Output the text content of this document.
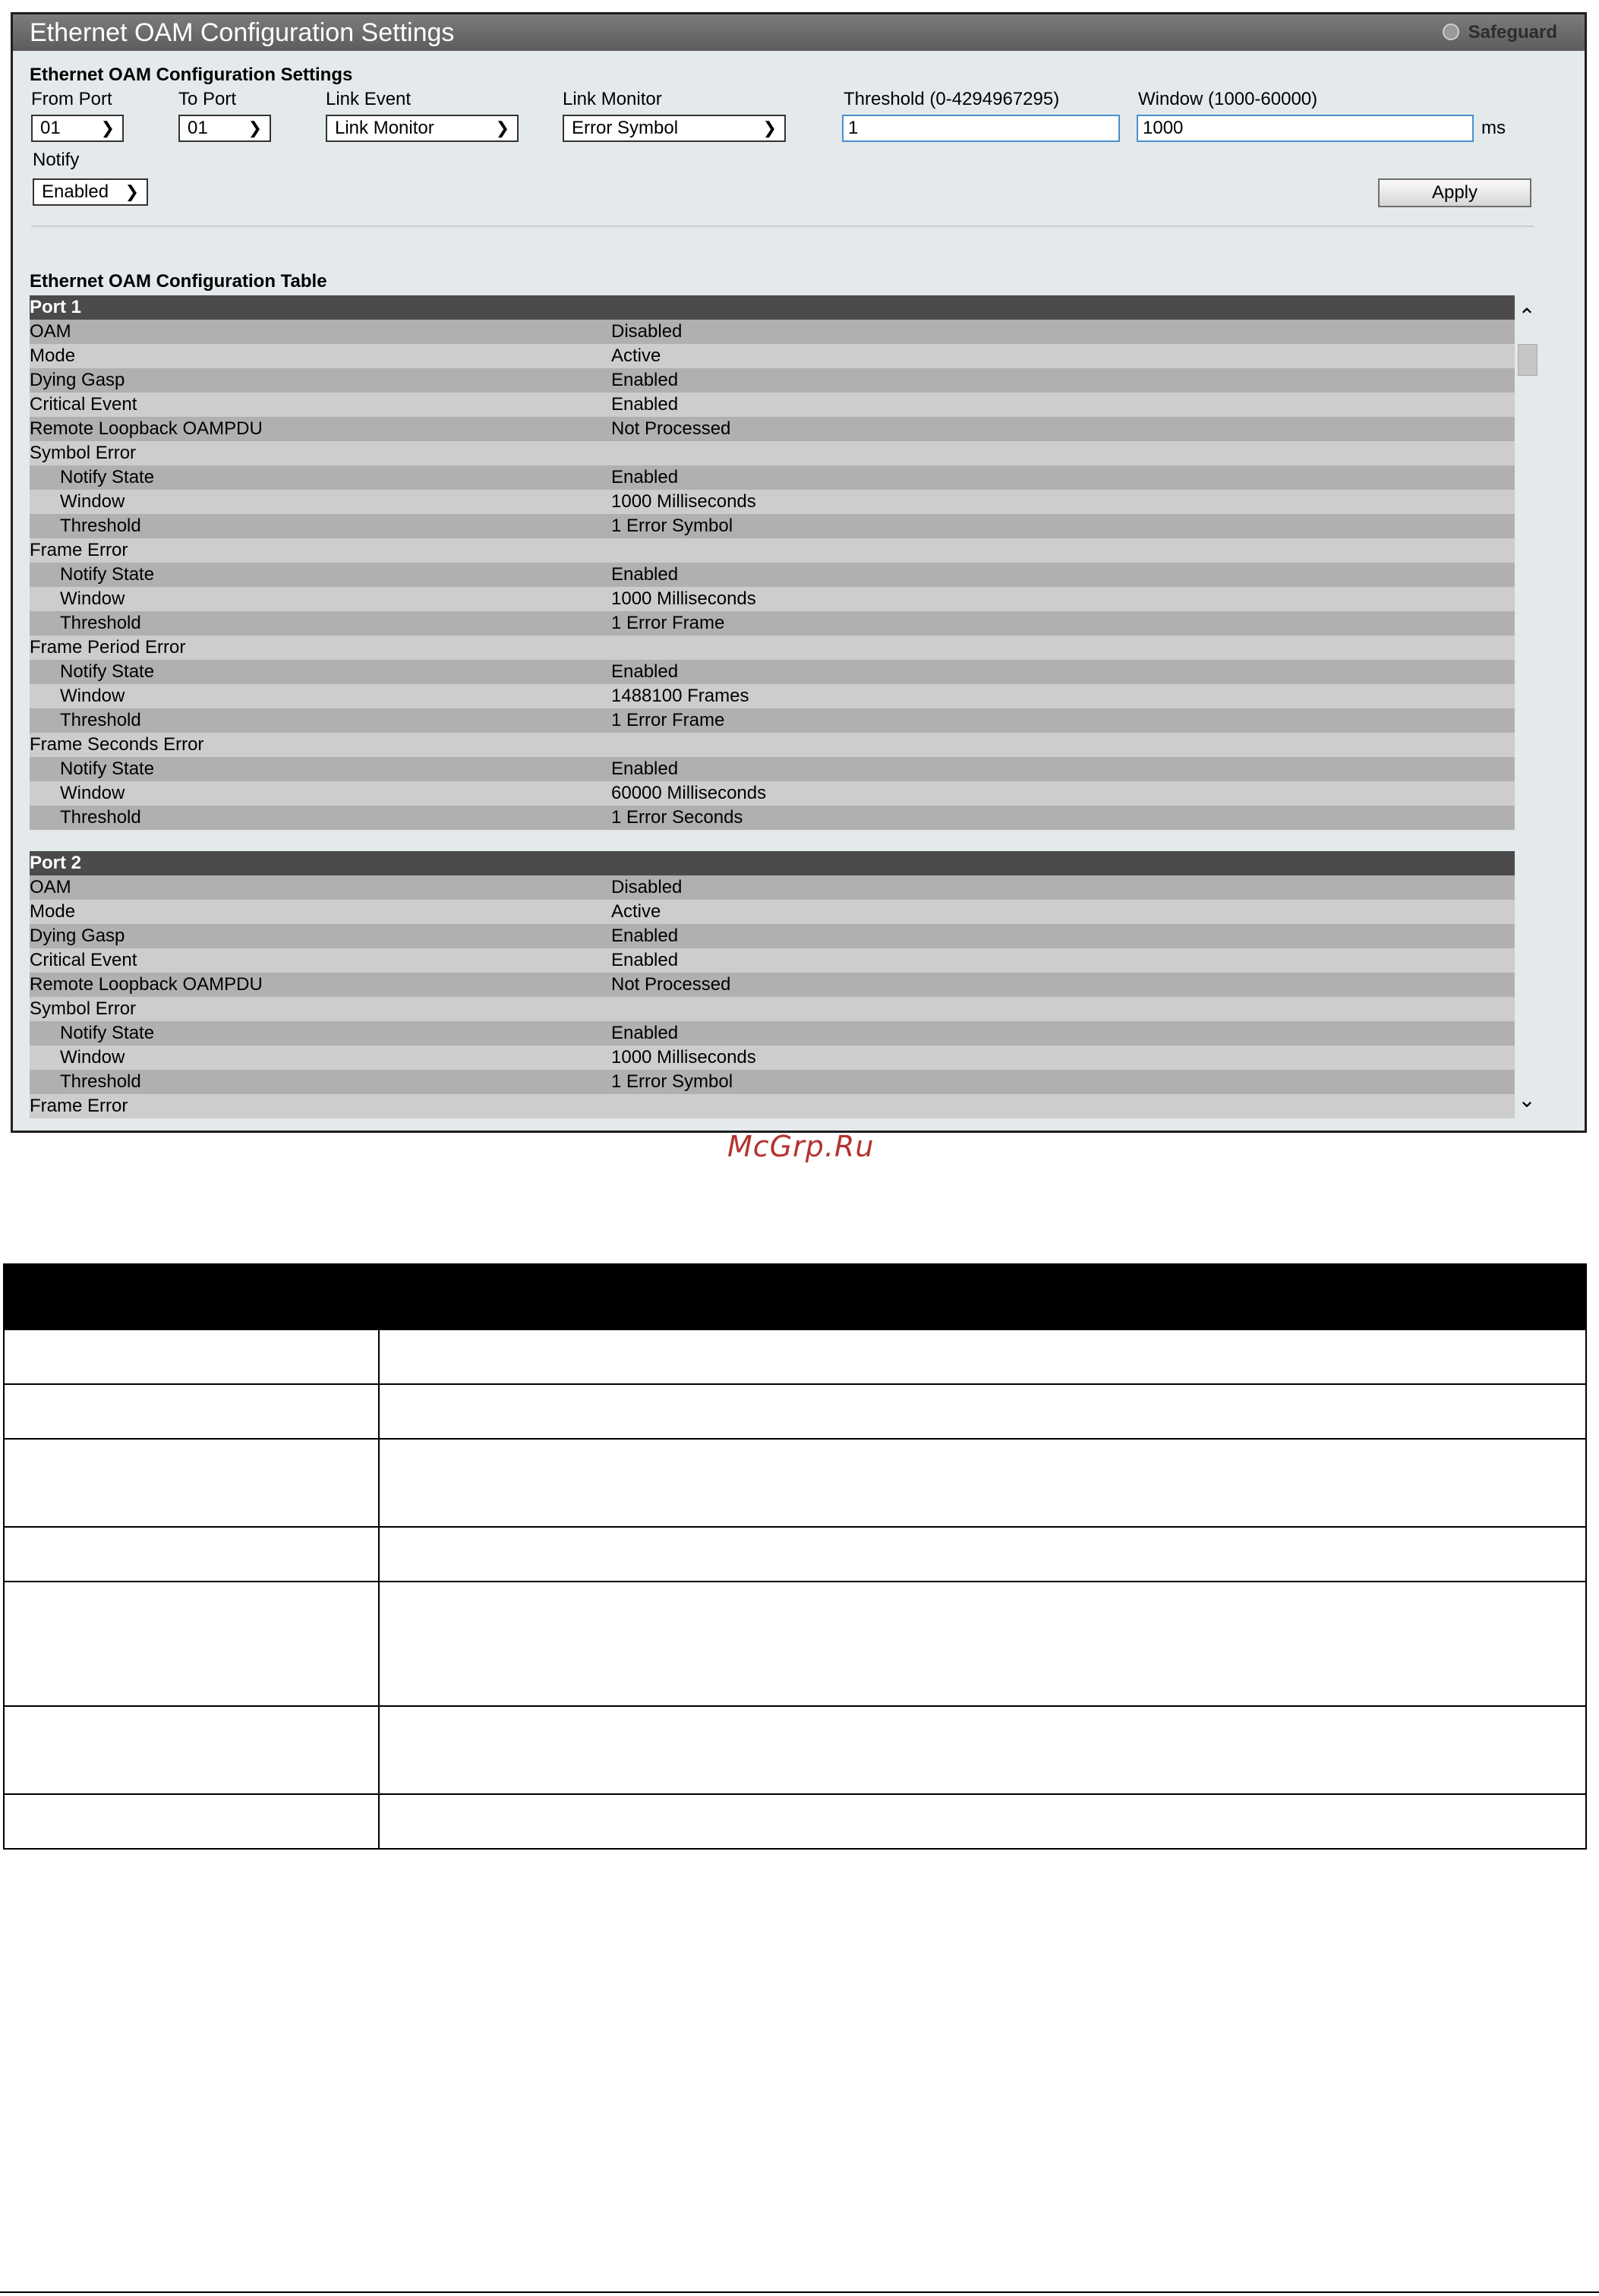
Ethernet OAM Configuration Settings	Safeguard
Ethernet OAM Configuration Settings
From Port
01 ❯
To Port
01 ❯
Link Event
Link Monitor	❯
Link Monitor
Error Symbol	❯
Threshold (0-4294967295)
1
Window (1000-60000)
1000	ms
Notify
Enabled ❯	Apply
Ethernet OAM Configuration Table
Port 1
OAM	Disabled
Mode	Active
Dying Gasp	Enabled
Critical Event	Enabled
Remote Loopback OAMPDU	Not Processed
Symbol Error
Notify State	Enabled
Window	1000 Milliseconds
Threshold	1 Error Symbol
Frame Error
Notify State	Enabled
Window	1000 Milliseconds
Threshold	1 Error Frame
Frame Period Error
Notify State	Enabled
Window	1488100 Frames
Threshold	1 Error Frame
Frame Seconds Error
Notify State	Enabled
Window	60000 Milliseconds
Threshold	1 Error Seconds
Port 2
OAM	Disabled
Mode	Active
Dying Gasp	Enabled
Critical Event	Enabled
Remote Loopback OAMPDU	Not Processed
Symbol Error
Notify State	Enabled
Window	1000 Milliseconds
Threshold	1 Error Symbol
Frame Error
⌃
⌄
McGrp.Ru
